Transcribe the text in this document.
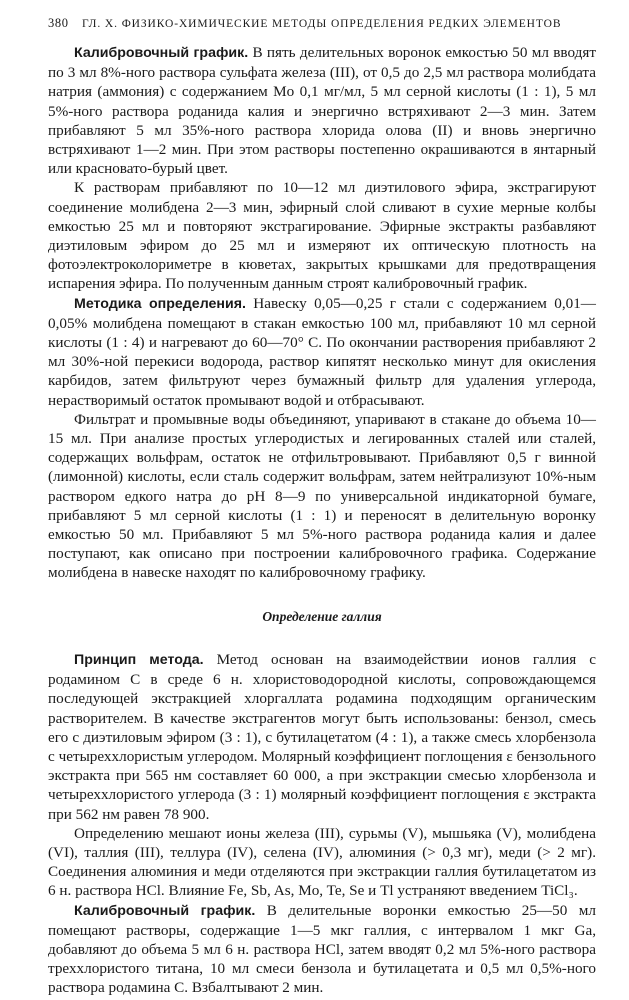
380	ГЛ. X. ФИЗИКО-ХИМИЧЕСКИЕ МЕТОДЫ ОПРЕДЕЛЕНИЯ РЕДКИХ ЭЛЕМЕНТОВ

Калибровочный график. В пять делительных воронок емкостью 50 мл вводят по 3 мл 8%-ного раствора сульфата железа (III), от 0,5 до 2,5 мл раствора молибдата натрия (аммония) с содержанием Mo 0,1 мг/мл, 5 мл серной кислоты (1 : 1), 5 мл 5%-ного раствора роданида калия и энергично встряхивают 2—3 мин. Затем прибавляют 5 мл 35%-ного раствора хлорида олова (II) и вновь энергично встряхивают 1—2 мин. При этом растворы постепенно окрашиваются в янтарный или красновато-бурый цвет.

К растворам прибавляют по 10—12 мл диэтилового эфира, экстрагируют соединение молибдена 2—3 мин, эфирный слой сливают в сухие мерные колбы емкостью 25 мл и повторяют экстрагирование. Эфирные экстракты разбавляют диэтиловым эфиром до 25 мл и измеряют их оптическую плотность на фотоэлектроколориметре в кюветах, закрытых крышками для предотвращения испарения эфира. По полученным данным строят калибровочный график.

Методика определения. Навеску 0,05—0,25 г стали с содержанием 0,01—0,05% молибдена помещают в стакан емкостью 100 мл, прибавляют 10 мл серной кислоты (1 : 4) и нагревают до 60—70° С. По окончании растворения прибавляют 2 мл 30%-ной перекиси водорода, раствор кипятят несколько минут для окисления карбидов, затем фильтруют через бумажный фильтр для удаления углерода, нерастворимый остаток промывают водой и отбрасывают.

Фильтрат и промывные воды объединяют, упаривают в стакане до объема 10—15 мл. При анализе простых углеродистых и легированных сталей или сталей, содержащих вольфрам, остаток не отфильтровывают. Прибавляют 0,5 г винной (лимонной) кислоты, если сталь содержит вольфрам, затем нейтрализуют 10%-ным раствором едкого натра до pH 8—9 по универсальной индикаторной бумаге, прибавляют 5 мл серной кислоты (1 : 1) и переносят в делительную воронку емкостью 50 мл. Прибавляют 5 мл 5%-ного раствора роданида калия и далее поступают, как описано при построении калибровочного графика. Содержание молибдена в навеске находят по калибровочному графику.

Определение галлия

Принцип метода. Метод основан на взаимодействии ионов галлия с родамином С в среде 6 н. хлористоводородной кислоты, сопровождающемся последующей экстракцией хлоргаллата родамина подходящим органическим растворителем. В качестве экстрагентов могут быть использованы: бензол, смесь его с диэтиловым эфиром (3 : 1), с бутилацетатом (4 : 1), а также смесь хлорбензола с четыреххлористым углеродом. Молярный коэффициент поглощения ε бензольного экстракта при 565 нм составляет 60 000, а при экстракции смесью хлорбензола и четыреххлористого углерода (3 : 1) молярный коэффициент поглощения ε экстракта при 562 нм равен 78 900.

Определению мешают ионы железа (III), сурьмы (V), мышьяка (V), молибдена (VI), таллия (III), теллура (IV), селена (IV), алюминия (> 0,3 мг), меди (> 2 мг). Соединения алюминия и меди отделяются при экстракции галлия бутилацетатом из 6 н. раствора HCl. Влияние Fe, Sb, As, Mo, Te, Se и Tl устраняют введением TiCl₃.

Калибровочный график. В делительные воронки емкостью 25—50 мл помещают растворы, содержащие 1—5 мкг галлия, с интервалом 1 мкг Ga, добавляют до объема 5 мл 6 н. раствора HCl, затем вводят 0,2 мл 5%-ного раствора треххлористого титана, 10 мл смеси бензола и бутилацетата и 0,5 мл 0,5%-ного раствора родамина С. Взбалтывают 2 мин.
